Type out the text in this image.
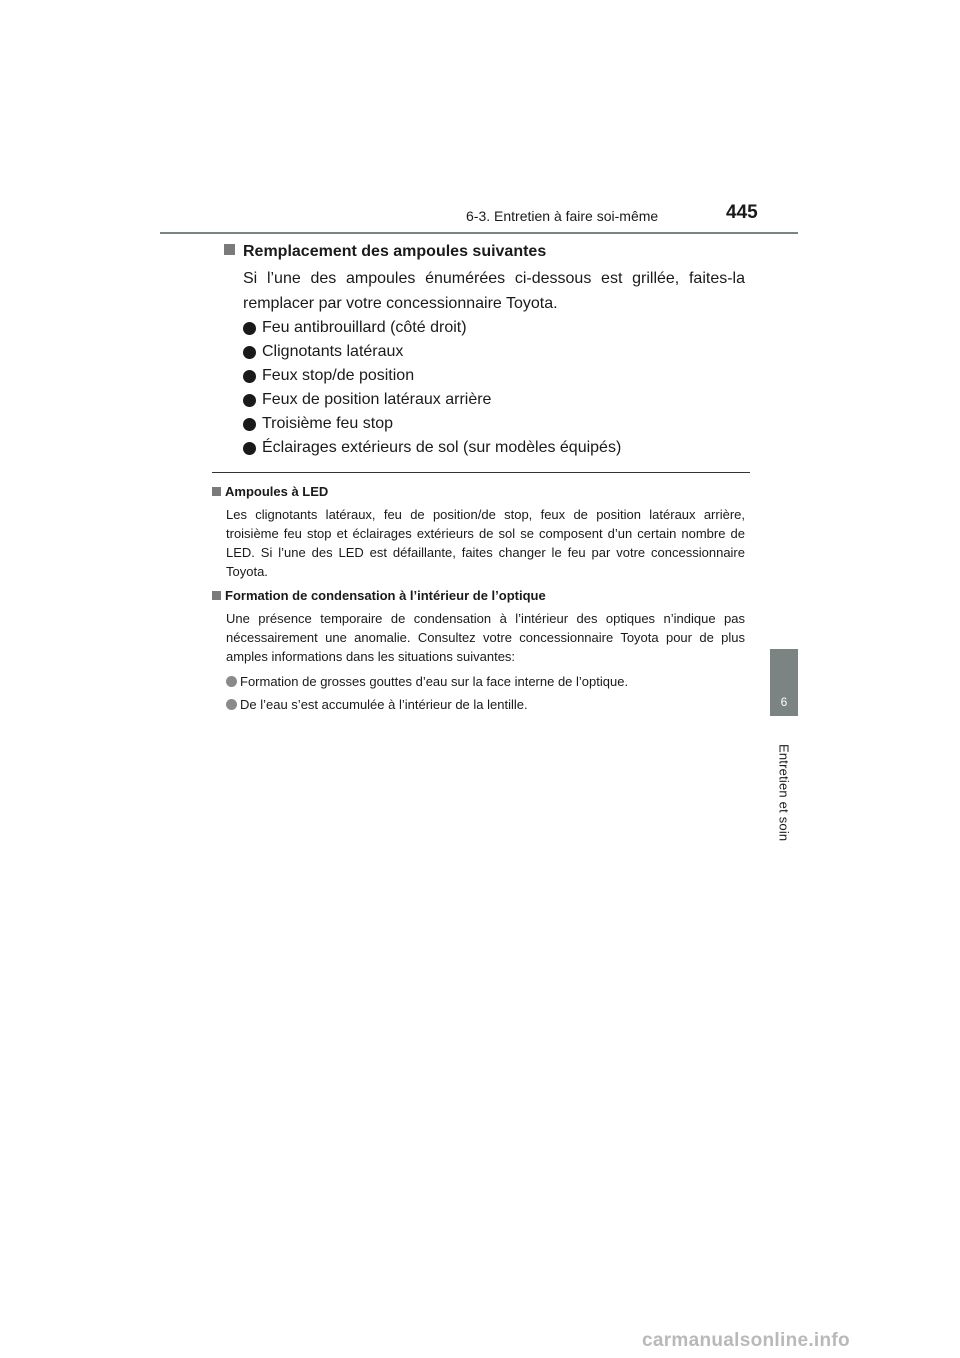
6-3. Entretien à faire soi-même	445
6
Entretien et soin
Remplacement des ampoules suivantes
Si l’une des ampoules énumérées ci-dessous est grillée, faites-la remplacer par votre concessionnaire Toyota.
Feu antibrouillard (côté droit)
Clignotants latéraux
Feux stop/de position
Feux de position latéraux arrière
Troisième feu stop
Éclairages extérieurs de sol (sur modèles équipés)
Ampoules à LED
Les clignotants latéraux, feu de position/de stop, feux de position latéraux arrière, troisième feu stop et éclairages extérieurs de sol se composent d’un certain nombre de LED. Si l’une des LED est défaillante, faites changer le feu par votre concessionnaire Toyota.
Formation de condensation à l’intérieur de l’optique
Une présence temporaire de condensation à l’intérieur des optiques n’indique pas nécessairement une anomalie. Consultez votre concessionnaire Toyota pour de plus amples informations dans les situations suivantes:
Formation de grosses gouttes d’eau sur la face interne de l’optique.
De l’eau s’est accumulée à l’intérieur de la lentille.
carmanualsonline.info
